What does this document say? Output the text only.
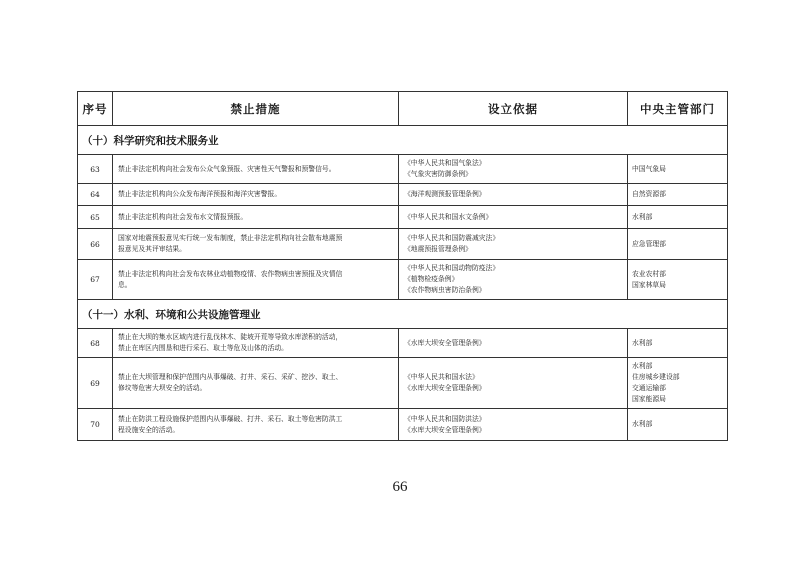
序号	禁止措施	设立依据	中央主管部门
（十）科学研究和技术服务业			
63	禁止非法定机构向社会发布公众气象预报、灾害性天气警报和预警信号。	《中华人民共和国气象法》
《气象灾害防御条例》	中国气象局

64	禁止非法定机构向公众发布海洋预报和海洋灾害警报。	《海洋观测预报管理条例》	自然资源部

65	禁止非法定机构向社会发布水文情报预报。	《中华人民共和国水文条例》	水利部

66	国家对地震预报意见实行统一发布制度，禁止非法定机构向社会散布地震预
报意见及其评审结果。	《中华人民共和国防震减灾法》
《地震预报管理条例》	应急管理部

67	禁止非法定机构向社会发布农林业动植物疫情、农作物病虫害预报及灾情信
息。	《中华人民共和国动物防疫法》
《植物检疫条例》
《农作物病虫害防治条例》	农业农村部
国家林草局

（十一）水利、环境和公共设施管理业			
68	禁止在大坝的集水区域内进行乱伐林木、陡坡开荒等导致水库淤积的活动，
禁止在库区内围垦和进行采石、取土等危及山体的活动。	《水库大坝安全管理条例》	水利部

69	禁止在大坝管理和保护范围内从事爆破、打井、采石、采矿、挖沙、取土、
修坟等危害大坝安全的活动。	《中华人民共和国水法》
《水库大坝安全管理条例》	水利部
住房城乡建设部
交通运输部
国家能源局

70	禁止在防洪工程设施保护范围内从事爆破、打井、采石、取土等危害防洪工
程设施安全的活动。	《中华人民共和国防洪法》
《水库大坝安全管理条例》	水利部
66
